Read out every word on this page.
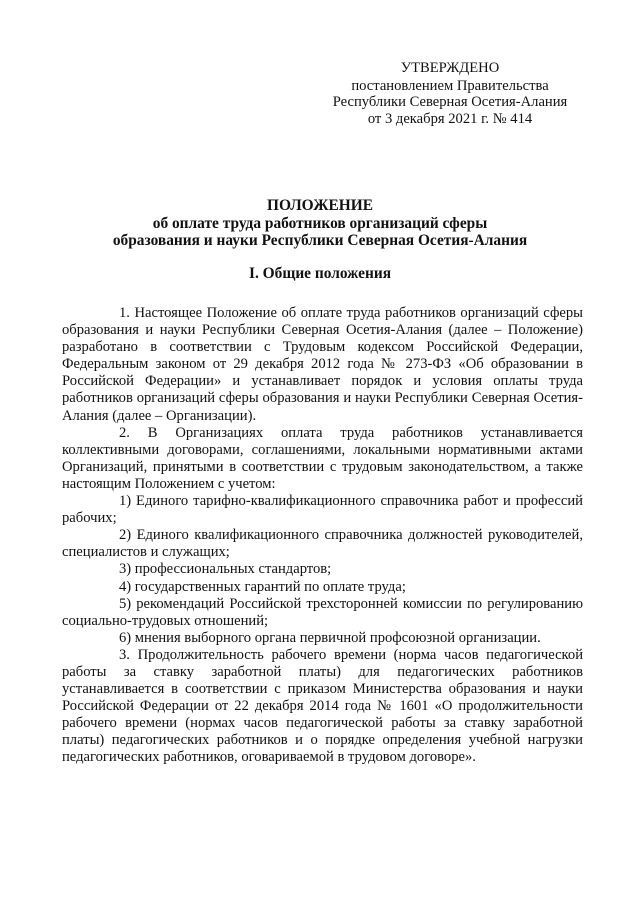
УТВЕРЖДЕНО
постановлением Правительства
Республики Северная Осетия-Алания
от 3 декабря 2021 г. № 414
ПОЛОЖЕНИЕ
об оплате труда работников организаций сферы
образования и науки Республики Северная Осетия-Алания
I. Общие положения
1. Настоящее Положение об оплате труда работников организаций сферы образования и науки Республики Северная Осетия-Алания (далее – Положение) разработано в соответствии с Трудовым кодексом Российской Федерации, Федеральным законом от 29 декабря 2012 года № 273-ФЗ «Об образовании в Российской Федерации» и устанавливает порядок и условия оплаты труда работников организаций сферы образования и науки Республики Северная Осетия-Алания (далее – Организации).
2. В Организациях оплата труда работников устанавливается коллективными договорами, соглашениями, локальными нормативными актами Организаций, принятыми в соответствии с трудовым законодательством, а также настоящим Положением с учетом:
1) Единого тарифно-квалификационного справочника работ и профессий рабочих;
2) Единого квалификационного справочника должностей руководителей, специалистов и служащих;
3) профессиональных стандартов;
4) государственных гарантий по оплате труда;
5) рекомендаций Российской трехсторонней комиссии по регулированию социально-трудовых отношений;
6) мнения выборного органа первичной профсоюзной организации.
3. Продолжительность рабочего времени (норма часов педагогической работы за ставку заработной платы) для педагогических работников устанавливается в соответствии с приказом Министерства образования и науки Российской Федерации от 22 декабря 2014 года № 1601 «О продолжительности рабочего времени (нормах часов педагогической работы за ставку заработной платы) педагогических работников и о порядке определения учебной нагрузки педагогических работников, оговариваемой в трудовом договоре».
